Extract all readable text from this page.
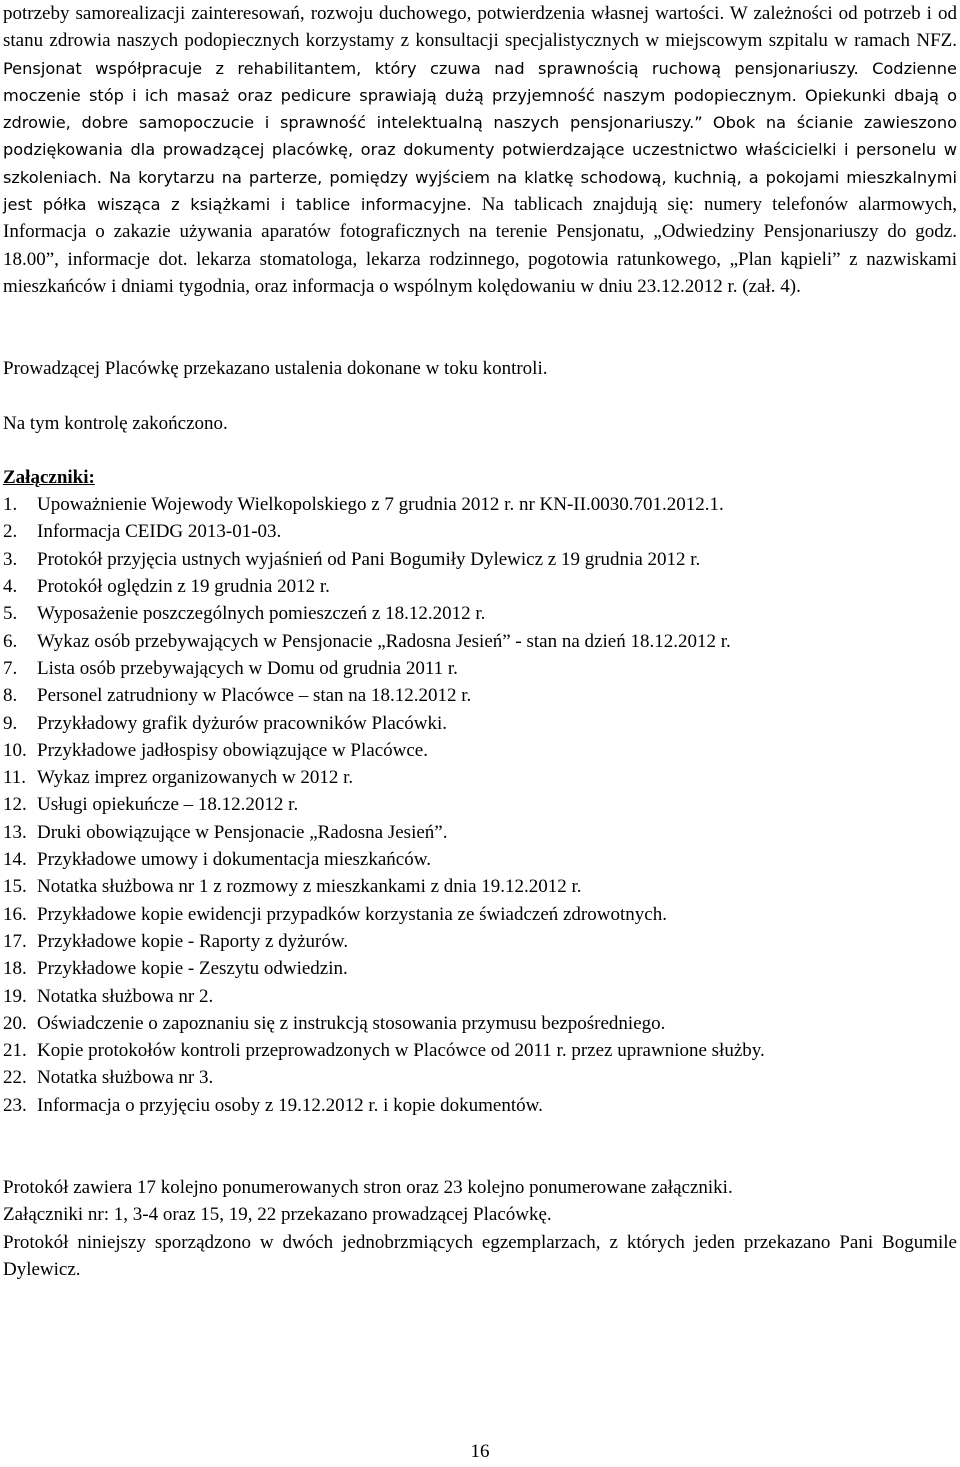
potrzeby samorealizacji zainteresowań, rozwoju duchowego, potwierdzenia własnej wartości. W zależności od potrzeb i od stanu zdrowia naszych podopiecznych korzystamy z konsultacji specjalistycznych w miejscowym szpitalu w ramach NFZ. Pensjonat współpracuje z rehabilitantem, który czuwa nad sprawnością ruchową pensjonariuszy. Codzienne moczenie stóp i ich masaż oraz pedicure sprawiają dużą przyjemność naszym podopiecznym. Opiekunki dbają o zdrowie, dobre samopoczucie i sprawność intelektualną naszych pensjonariuszy.” Obok na ścianie zawieszono podziękowania dla prowadzącej placówkę, oraz dokumenty potwierdzające uczestnictwo właścicielki i personelu w szkoleniach. Na korytarzu na parterze, pomiędzy wyjściem na klatkę schodową, kuchnią, a pokojami mieszkalnymi jest półka wisząca z książkami i tablice informacyjne. Na tablicach znajdują się: numery telefonów alarmowych, Informacja o zakazie używania aparatów fotograficznych na terenie Pensjonatu, „Odwiedziny Pensjonariuszy do godz. 18.00”, informacje dot. lekarza stomatologa, lekarza rodzinnego, pogotowia ratunkowego, „Plan kąpieli” z nazwiskami mieszkańców i dniami tygodnia, oraz informacja o wspólnym kolędowaniu w dniu 23.12.2012 r. (zał. 4).

Prowadzącej Placówkę przekazano ustalenia dokonane w toku kontroli.

Na tym kontrolę zakończono.

Załączniki:

1.	Upoważnienie Wojewody Wielkopolskiego z 7 grudnia 2012 r. nr KN-II.0030.701.2012.1.
2.	Informacja CEIDG 2013-01-03.
3.	Protokół przyjęcia ustnych wyjaśnień od Pani Bogumiły Dylewicz z 19 grudnia 2012 r.
4.	Protokół oględzin z 19 grudnia 2012 r.
5.	Wyposażenie poszczególnych pomieszczeń z 18.12.2012 r.
6.	Wykaz osób przebywających w Pensjonacie „Radosna Jesień” - stan na dzień 18.12.2012 r.
7.	Lista osób przebywających w Domu od grudnia 2011 r.
8.	Personel zatrudniony w Placówce – stan na 18.12.2012 r.
9.	Przykładowy grafik dyżurów pracowników Placówki.
10. Przykładowe jadłospisy obowiązujące w Placówce.
11. Wykaz imprez organizowanych w 2012 r.
12. Usługi opiekuńcze – 18.12.2012 r.
13. Druki obowiązujące w Pensjonacie „Radosna Jesień”.
14. Przykładowe umowy i dokumentacja mieszkańców.
15. Notatka służbowa nr 1 z rozmowy z mieszkankami z dnia 19.12.2012 r.
16. Przykładowe kopie ewidencji przypadków korzystania ze świadczeń zdrowotnych.
17. Przykładowe kopie - Raporty z dyżurów.
18. Przykładowe kopie - Zeszytu odwiedzin.
19. Notatka służbowa nr 2.
20. Oświadczenie o zapoznaniu się z instrukcją stosowania przymusu bezpośredniego.
21. Kopie protokołów kontroli przeprowadzonych w Placówce od 2011 r. przez uprawnione służby.
22. Notatka służbowa nr 3.
23. Informacja o przyjęciu osoby z 19.12.2012 r. i kopie dokumentów.

Protokół zawiera 17 kolejno ponumerowanych stron oraz 23 kolejno ponumerowane załączniki.
Załączniki nr: 1, 3-4 oraz 15, 19, 22 przekazano prowadzącej Placówkę.
Protokół niniejszy sporządzono w dwóch jednobrzmiących egzemplarzach, z których jeden przekazano Pani Bogumile Dylewicz.

16
